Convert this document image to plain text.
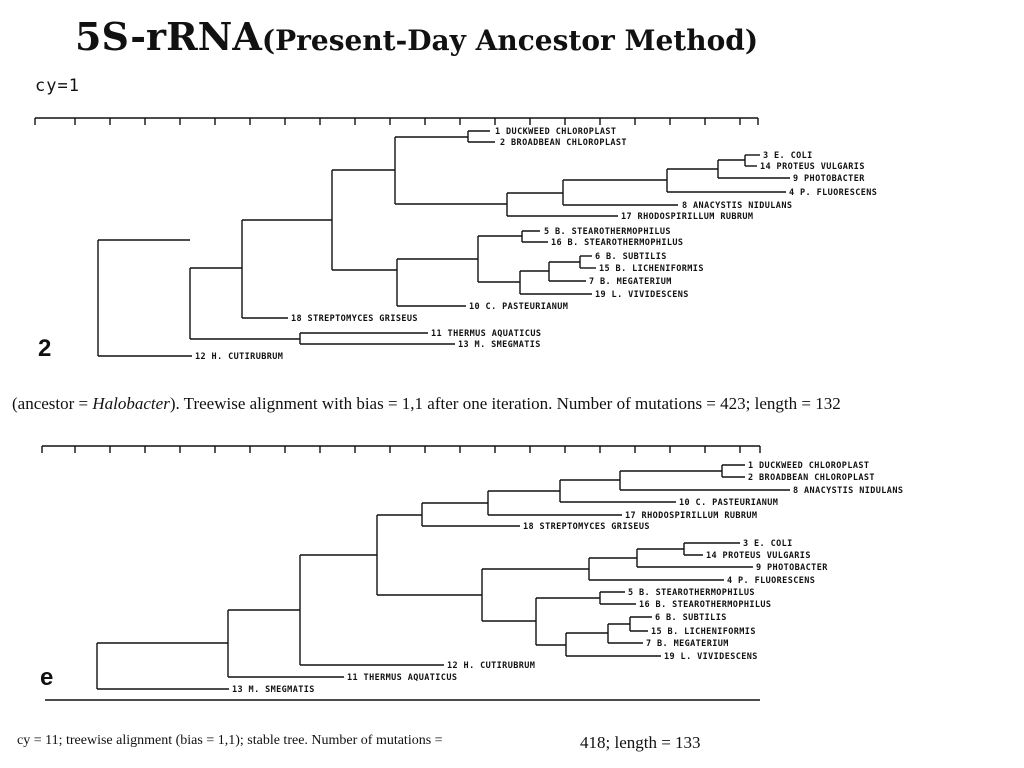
5S-rRNA(Present-Day Ancestor Method)
cy=1
1 DUCKWEED CHLOROPLAST
2 BROADBEAN CHLOROPLAST
3 E. COLI
14 PROTEUS VULGARIS
9 PHOTOBACTER
4 P. FLUORESCENS
8 ANACYSTIS NIDULANS
17 RHODOSPIRILLUM RUBRUM
5 B. STEAROTHERMOPHILUS
16 B. STEAROTHERMOPHILUS
6 B. SUBTILIS
15 B. LICHENIFORMIS
7 B. MEGATERIUM
19 L. VIVIDESCENS
10 C. PASTEURIANUM
18 STREPTOMYCES GRISEUS
11 THERMUS AQUATICUS
13 M. SMEGMATIS
12 H. CUTIRUBRUM
2
(ancestor = Halobacter). Treewise alignment with bias = 1,1 after one iteration. Number of mutations = 423; length = 132
1 DUCKWEED CHLOROPLAST
2 BROADBEAN CHLOROPLAST
8 ANACYSTIS NIDULANS
10 C. PASTEURIANUM
17 RHODOSPIRILLUM RUBRUM
18 STREPTOMYCES GRISEUS
3 E. COLI
14 PROTEUS VULGARIS
9 PHOTOBACTER
4 P. FLUORESCENS
5 B. STEAROTHERMOPHILUS
16 B. STEAROTHERMOPHILUS
6 B. SUBTILIS
15 B. LICHENIFORMIS
7 B. MEGATERIUM
19 L. VIVIDESCENS
12 H. CUTIRUBRUM
11 THERMUS AQUATICUS
13 M. SMEGMATIS
e
cy = 11; treewise alignment (bias = 1,1); stable tree. Number of mutations =	418; length = 133
